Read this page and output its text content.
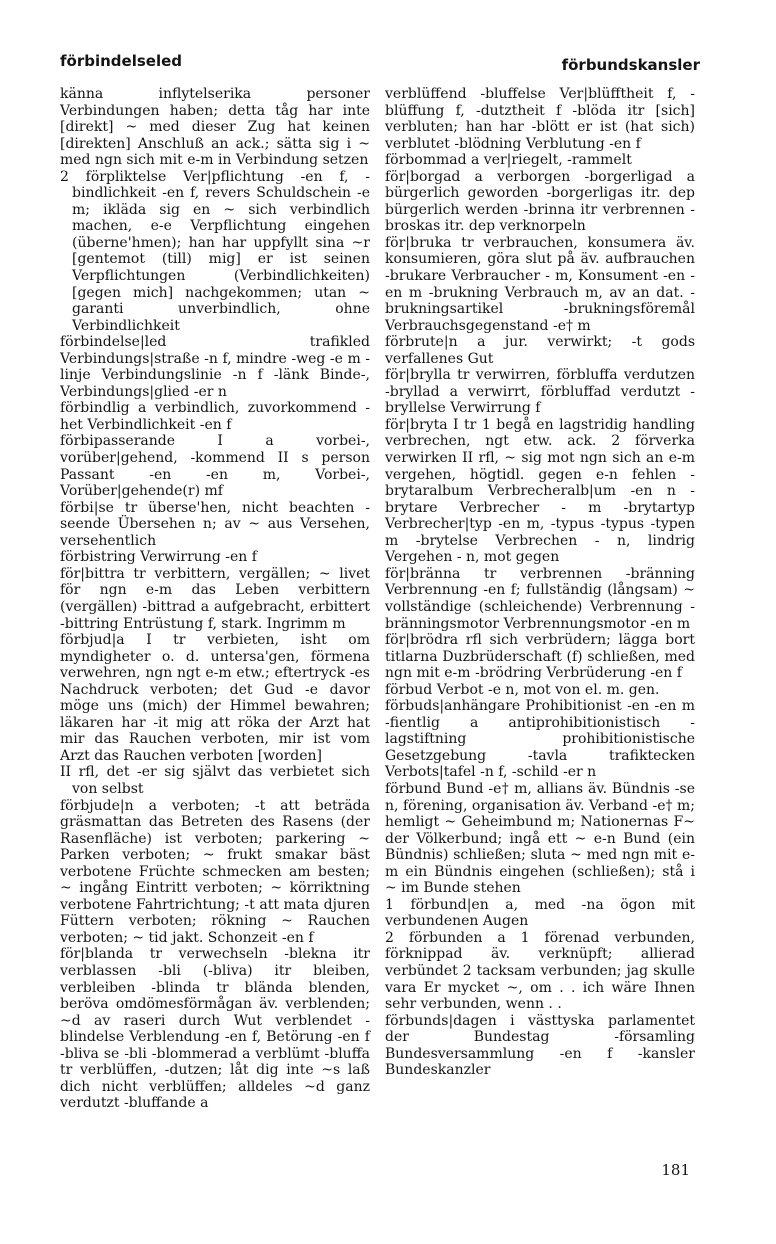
förbindelseled	förbundskansler

känna inflytelserika personer Verbindungen haben; detta tåg har inte [direkt] ~ med dieser Zug hat keinen [direkten] Anschluß an ack.; sätta sig i ~ med ngn sich mit e-m in Verbindung setzen

2 förpliktelse Ver|pflichtung -en f, -bindlichkeit -en f, revers Schuldschein -e m; ikläda sig en ~ sich verbindlich machen, e-e Verpflichtung eingehen (überne'hmen); han har uppfyllt sina ~r [gentemot (till) mig] er ist seinen Verpflichtungen (Verbindlichkeiten) [gegen mich] nachgekommen; utan ~ garanti unverbindlich, ohne Verbindlichkeit

förbindelse|led trafikled Verbindungs|straße -n f, mindre -weg -e m -linje Verbindungslinie -n f -länk Binde-, Verbindungs|glied -er n

förbindlig a verbindlich, zuvorkommend -het Verbindlichkeit -en f

förbipasserande I a vorbei-, vorüber|gehend, -kommend II s person Passant -en -en m, Vorbei-, Vorüber|gehende(r) mf

förbi|se tr überse'hen, nicht beachten -seende Übersehen n; av ~ aus Versehen, versehentlich

förbistring Verwirrung -en f

för|bittra tr verbittern, vergällen; ~ livet för ngn e-m das Leben verbittern (vergällen) -bittrad a aufgebracht, erbittert -bittring Entrüstung f, stark. Ingrimm m

förbjud|a I tr verbieten, isht om myndigheter o. d. untersa'gen, förmena verwehren, ngn ngt e-m etw.; eftertryck -es Nachdruck verboten; det Gud -e davor möge uns (mich) der Himmel bewahren; läkaren har -it mig att röka der Arzt hat mir das Rauchen verboten, mir ist vom Arzt das Rauchen verboten [worden]

II rfl, det -er sig självt das verbietet sich von selbst

förbjude|n a verboten; -t att beträda gräsmattan das Betreten des Rasens (der Rasenfläche) ist verboten; parkering ~ Parken verboten; ~ frukt smakar bäst verbotene Früchte schmecken am besten; ~ ingång Eintritt verboten; ~ körriktning verbotene Fahrtrichtung; -t att mata djuren Füttern verboten; rökning ~ Rauchen verboten; ~ tid jakt. Schonzeit -en f

för|blanda tr verwechseln -blekna itr verblassen -bli (-bliva) itr bleiben, verbleiben -blinda tr blända blenden, beröva omdömesförmågan äv. verblenden; ~d av raseri durch Wut verblendet -blindelse Verblendung -en f, Betörung -en f -bliva se -bli -blommerad a verblümt -bluffa tr verblüffen, -dutzen; låt dig inte ~s laß dich nicht verblüffen; alldeles ~d ganz verdutzt -bluffande a

verblüffend -bluffelse Ver|blüfftheit f, -blüffung f, -dutztheit f -blöda itr [sich] verbluten; han har -blött er ist (hat sich) verblutet -blödning Verblutung -en f

förbommad a ver|riegelt, -rammelt

för|borgad a verborgen -borgerligad a bürgerlich geworden -borgerligas itr. dep bürgerlich werden -brinna itr verbrennen -broskas itr. dep verknorpeln

för|bruka tr verbrauchen, konsumera äv. konsumieren, göra slut på äv. aufbrauchen -brukare Verbraucher - m, Konsument -en -en m -brukning Verbrauch m, av an dat. -brukningsartikel -brukningsföremål Verbrauchsgegenstand -e† m

förbrute|n a jur. verwirkt; -t gods verfallenes Gut

för|brylla tr verwirren, förbluffa verdutzen -bryllad a verwirrt, förbluffad verdutzt -bryllelse Verwirrung f

för|bryta I tr 1 begå en lagstridig handling verbrechen, ngt etw. ack. 2 förverka verwirken II rfl, ~ sig mot ngn sich an e-m vergehen, högtidl. gegen e-n fehlen -brytaralbum Verbrecheralb|um -en n -brytare Verbrecher - m -brytartyp Verbrecher|typ -en m, -typus -typus -typen m -brytelse Verbrechen - n, lindrig Vergehen - n, mot gegen

för|bränna tr verbrennen -bränning Verbrennung -en f; fullständig (långsam) ~ vollständige (schleichende) Verbrennung -bränningsmotor Verbrennungsmotor -en m

för|brödra rfl sich verbrüdern; lägga bort titlarna Duzbrüderschaft (f) schließen, med ngn mit e-m -brödring Verbrüderung -en f

förbud Verbot -e n, mot von el. m. gen.

förbuds|anhängare Prohibitionist -en -en m -fientlig a antiprohibitionistisch -lagstiftning prohibitionistische Gesetzgebung -tavla trafiktecken Verbots|tafel -n f, -schild -er n

förbund Bund -e† m, allians äv. Bündnis -se n, förening, organisation äv. Verband -e† m; hemligt ~ Geheimbund m; Nationernas F~ der Völkerbund; ingå ett ~ e-n Bund (ein Bündnis) schließen; sluta ~ med ngn mit e-m ein Bündnis eingehen (schließen); stå i ~ im Bunde stehen

1 förbund|en a, med -na ögon mit verbundenen Augen

2 förbunden a 1 förenad verbunden, förknippad äv. verknüpft; allierad verbündet 2 tacksam verbunden; jag skulle vara Er mycket ~, om . . ich wäre Ihnen sehr verbunden, wenn . .

förbunds|dagen i västtyska parlamentet der Bundestag -församling Bundesversammlung -en f -kansler Bundeskanzler

181
